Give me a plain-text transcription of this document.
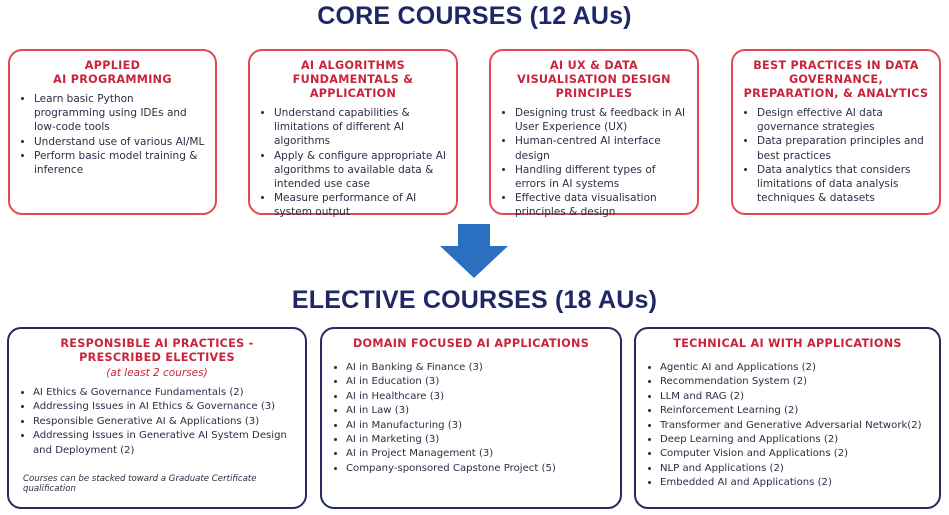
CORE COURSES (12 AUs)
APPLIED
AI PROGRAMMING
• Learn basic Python programming using IDEs and low-code tools
• Understand use of various AI/ML
• Perform basic model training & inference
AI ALGORITHMS FUNDAMENTALS & APPLICATION
• Understand capabilities & limitations of different AI algorithms
• Apply & configure appropriate AI algorithms to available data & intended use case
• Measure performance of AI system output
AI UX & DATA VISUALISATION DESIGN PRINCIPLES
• Designing trust & feedback in AI User Experience (UX)
• Human-centred AI interface design
• Handling different types of errors in AI systems
• Effective data visualisation principles & design
BEST PRACTICES IN DATA GOVERNANCE, PREPARATION, & ANALYTICS
• Design effective AI data governance strategies
• Data preparation principles and best practices
• Data analytics that considers limitations of data analysis techniques & datasets
ELECTIVE COURSES (18 AUs)
RESPONSIBLE AI PRACTICES - PRESCRIBED ELECTIVES
(at least 2 courses)
• AI Ethics & Governance Fundamentals (2)
• Addressing Issues in AI Ethics & Governance (3)
• Responsible Generative AI & Applications (3)
• Addressing Issues in Generative AI System Design and Deployment (2)
Courses can be stacked toward a Graduate Certificate qualification
DOMAIN FOCUSED AI APPLICATIONS
• AI in Banking & Finance (3)
• AI in Education (3)
• AI in Healthcare (3)
• AI in Law (3)
• AI in Manufacturing (3)
• AI in Marketing (3)
• AI in Project Management (3)
• Company-sponsored Capstone Project (5)
TECHNICAL AI WITH APPLICATIONS
• Agentic AI and Applications (2)
• Recommendation System (2)
• LLM and RAG (2)
• Reinforcement Learning (2)
• Transformer and Generative Adversarial Network(2)
• Deep Learning and Applications (2)
• Computer Vision and Applications (2)
• NLP and Applications (2)
• Embedded AI and Applications (2)
